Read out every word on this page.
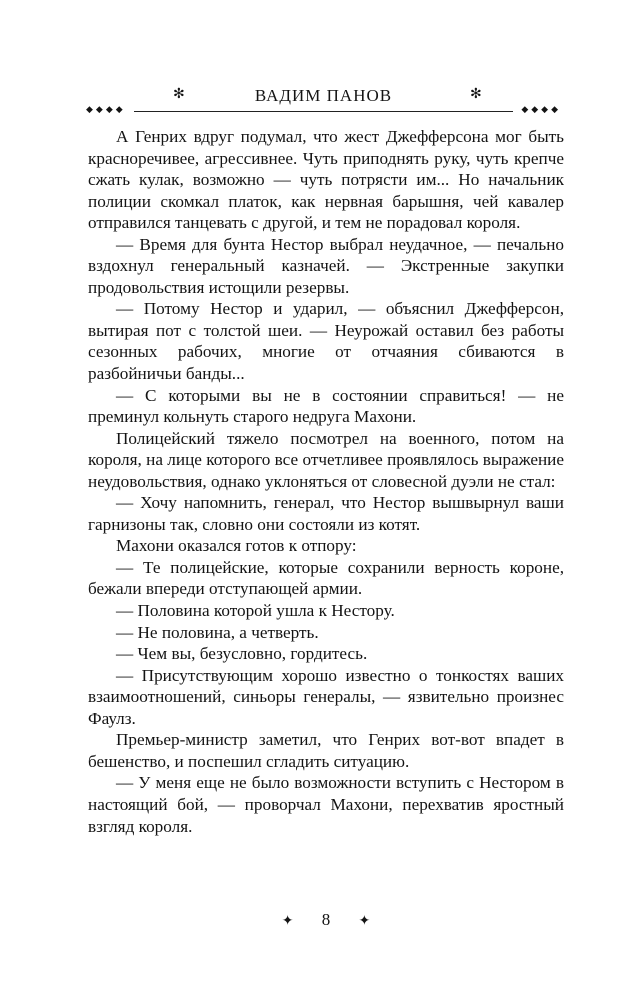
✻	ВАДИМ ПАНОВ	✻
◆◆◆◆	◆◆◆◆

А Генрих вдруг подумал, что жест Джефферсона мог быть красноречивее, агрессивнее. Чуть приподнять руку, чуть крепче сжать кулак, возможно — чуть потрясти им... Но начальник полиции скомкал платок, как нервная барышня, чей кавалер отправился танцевать с другой, и тем не порадовал короля.

— Время для бунта Нестор выбрал неудачное, — печально вздохнул генеральный казначей. — Экстренные закупки продовольствия истощили резервы.

— Потому Нестор и ударил, — объяснил Джефферсон, вытирая пот с толстой шеи. — Неурожай оставил без работы сезонных рабочих, многие от отчаяния сбиваются в разбойничьи банды...

— С которыми вы не в состоянии справиться! — не преминул кольнуть старого недруга Махони.

Полицейский тяжело посмотрел на военного, потом на короля, на лице которого все отчетливее проявлялось выражение неудовольствия, однако уклоняться от словесной дуэли не стал:

— Хочу напомнить, генерал, что Нестор вышвырнул ваши гарнизоны так, словно они состояли из котят.

Махони оказался готов к отпору:

— Те полицейские, которые сохранили верность короне, бежали впереди отступающей армии.

— Половина которой ушла к Нестору.

— Не половина, а четверть.

— Чем вы, безусловно, гордитесь.

— Присутствующим хорошо известно о тонкостях ваших взаимоотношений, синьоры генералы, — язвительно произнес Фаулз.

Премьер-министр заметил, что Генрих вот-вот впадет в бешенство, и поспешил сгладить ситуацию.

— У меня еще не было возможности вступить с Нестором в настоящий бой, — проворчал Махони, перехватив яростный взгляд короля.

✦ 8 ✦
